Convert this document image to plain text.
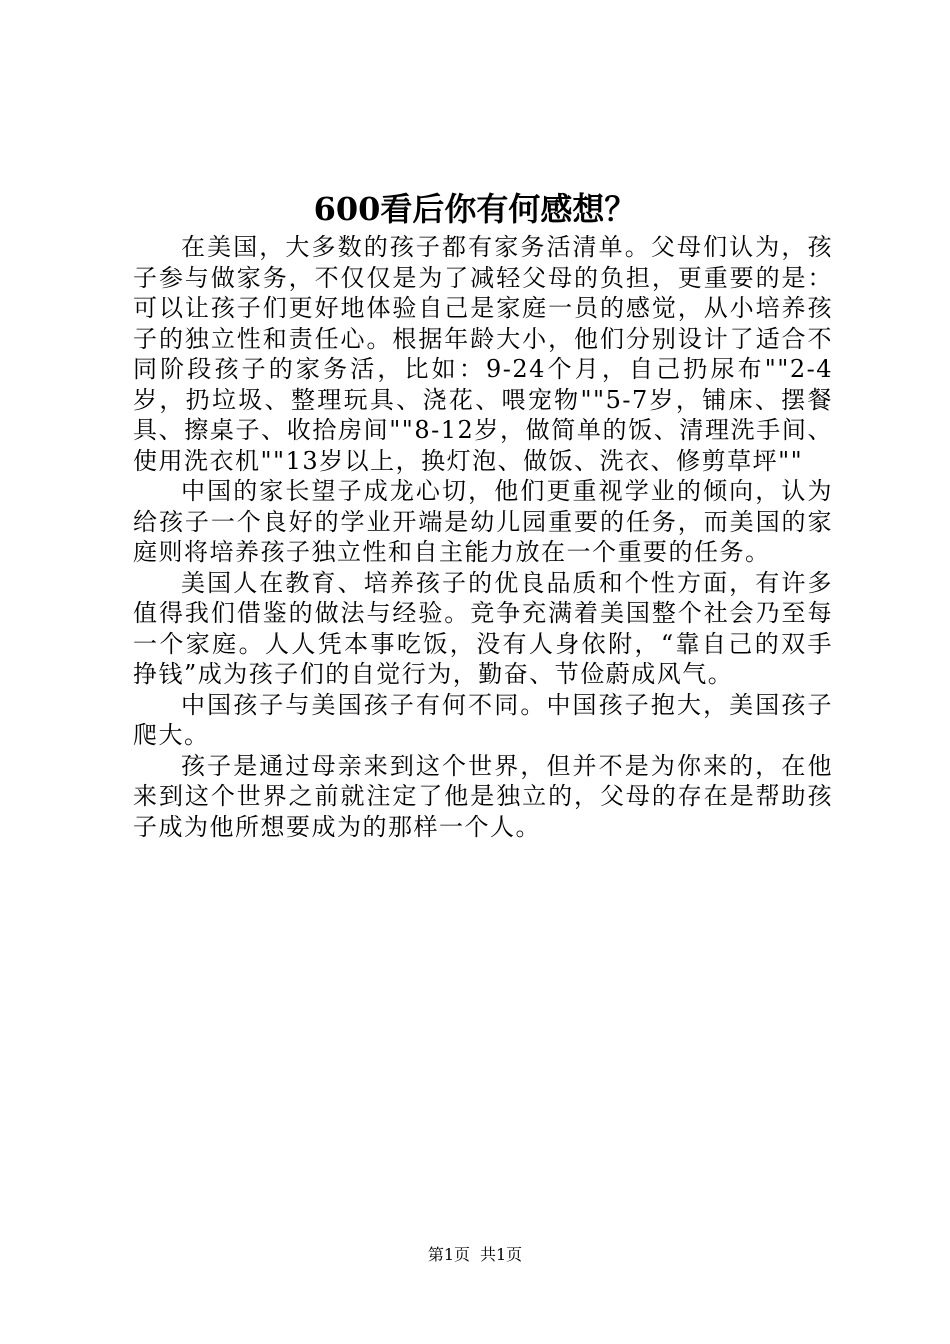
600看后你有何感想？

在美国，大多数的孩子都有家务活清单。父母们认为，孩子参与做家务，不仅仅是为了减轻父母的负担，更重要的是：可以让孩子们更好地体验自己是家庭一员的感觉，从小培养孩子的独立性和责任心。根据年龄大小，他们分别设计了适合不同阶段孩子的家务活，比如：9-24个月，自己扔尿布""2-4岁，扔垃圾、整理玩具、浇花、喂宠物""5-7岁，铺床、摆餐具、擦桌子、收拾房间""8-12岁，做简单的饭、清理洗手间、使用洗衣机""13岁以上，换灯泡、做饭、洗衣、修剪草坪""

中国的家长望子成龙心切，他们更重视学业的倾向，认为给孩子一个良好的学业开端是幼儿园重要的任务，而美国的家庭则将培养孩子独立性和自主能力放在一个重要的任务。

美国人在教育、培养孩子的优良品质和个性方面，有许多值得我们借鉴的做法与经验。竞争充满着美国整个社会乃至每一个家庭。人人凭本事吃饭，没有人身依附，“靠自己的双手挣钱”成为孩子们的自觉行为，勤奋、节俭蔚成风气。

中国孩子与美国孩子有何不同。中国孩子抱大，美国孩子爬大。

孩子是通过母亲来到这个世界，但并不是为你来的，在他来到这个世界之前就注定了他是独立的，父母的存在是帮助孩子成为他所想要成为的那样一个人。

第1页 共1页
